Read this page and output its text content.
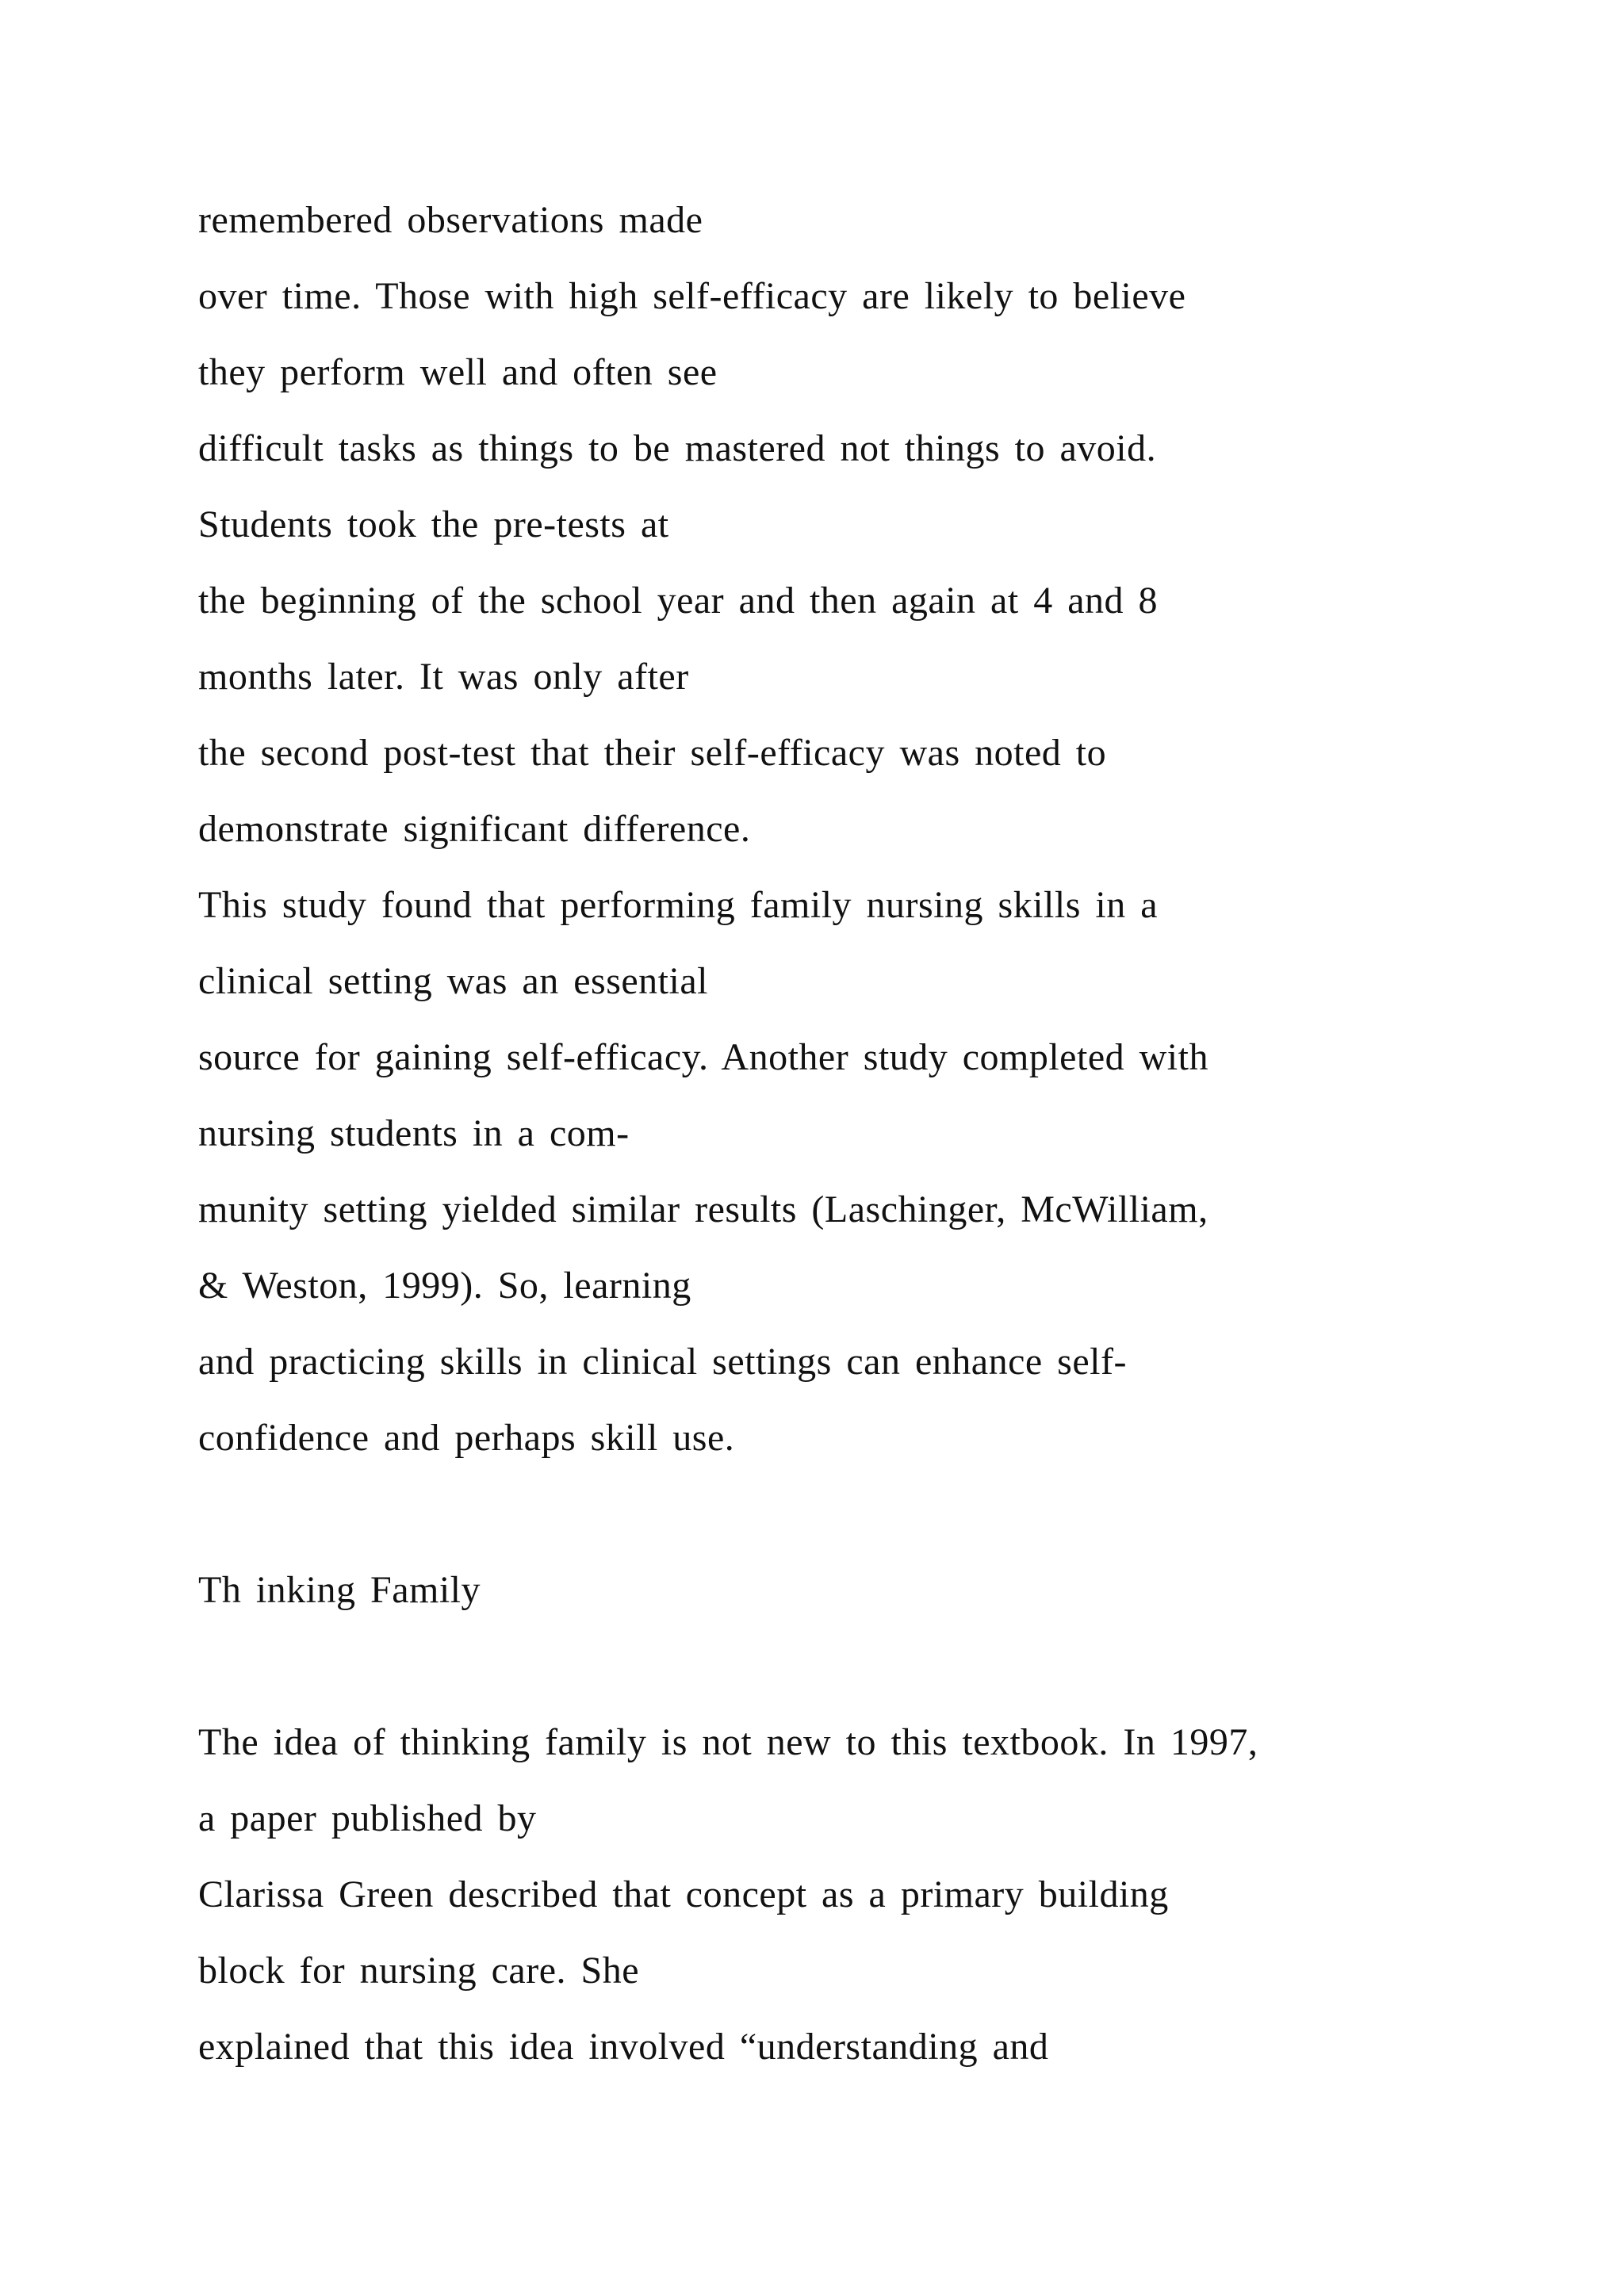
remembered observations made
over time. Those with high self-efficacy are likely to believe
they perform well and often see
difficult tasks as things to be mastered not things to avoid.
Students took the pre-tests at
the beginning of the school year and then again at 4 and 8
months later. It was only after
the second post-test that their self-efficacy was noted to
demonstrate significant difference.
This study found that performing family nursing skills in a
clinical setting was an essential
source for gaining self-efficacy. Another study completed with
nursing students in a com-
munity setting yielded similar results (Laschinger, McWilliam,
& Weston, 1999). So, learning
and practicing skills in clinical settings can enhance self-
confidence and perhaps skill use.
Th inking Family
The idea of thinking family is not new to this textbook. In 1997,
a paper published by
Clarissa Green described that concept as a primary building
block for nursing care. She
explained that this idea involved “understanding and
